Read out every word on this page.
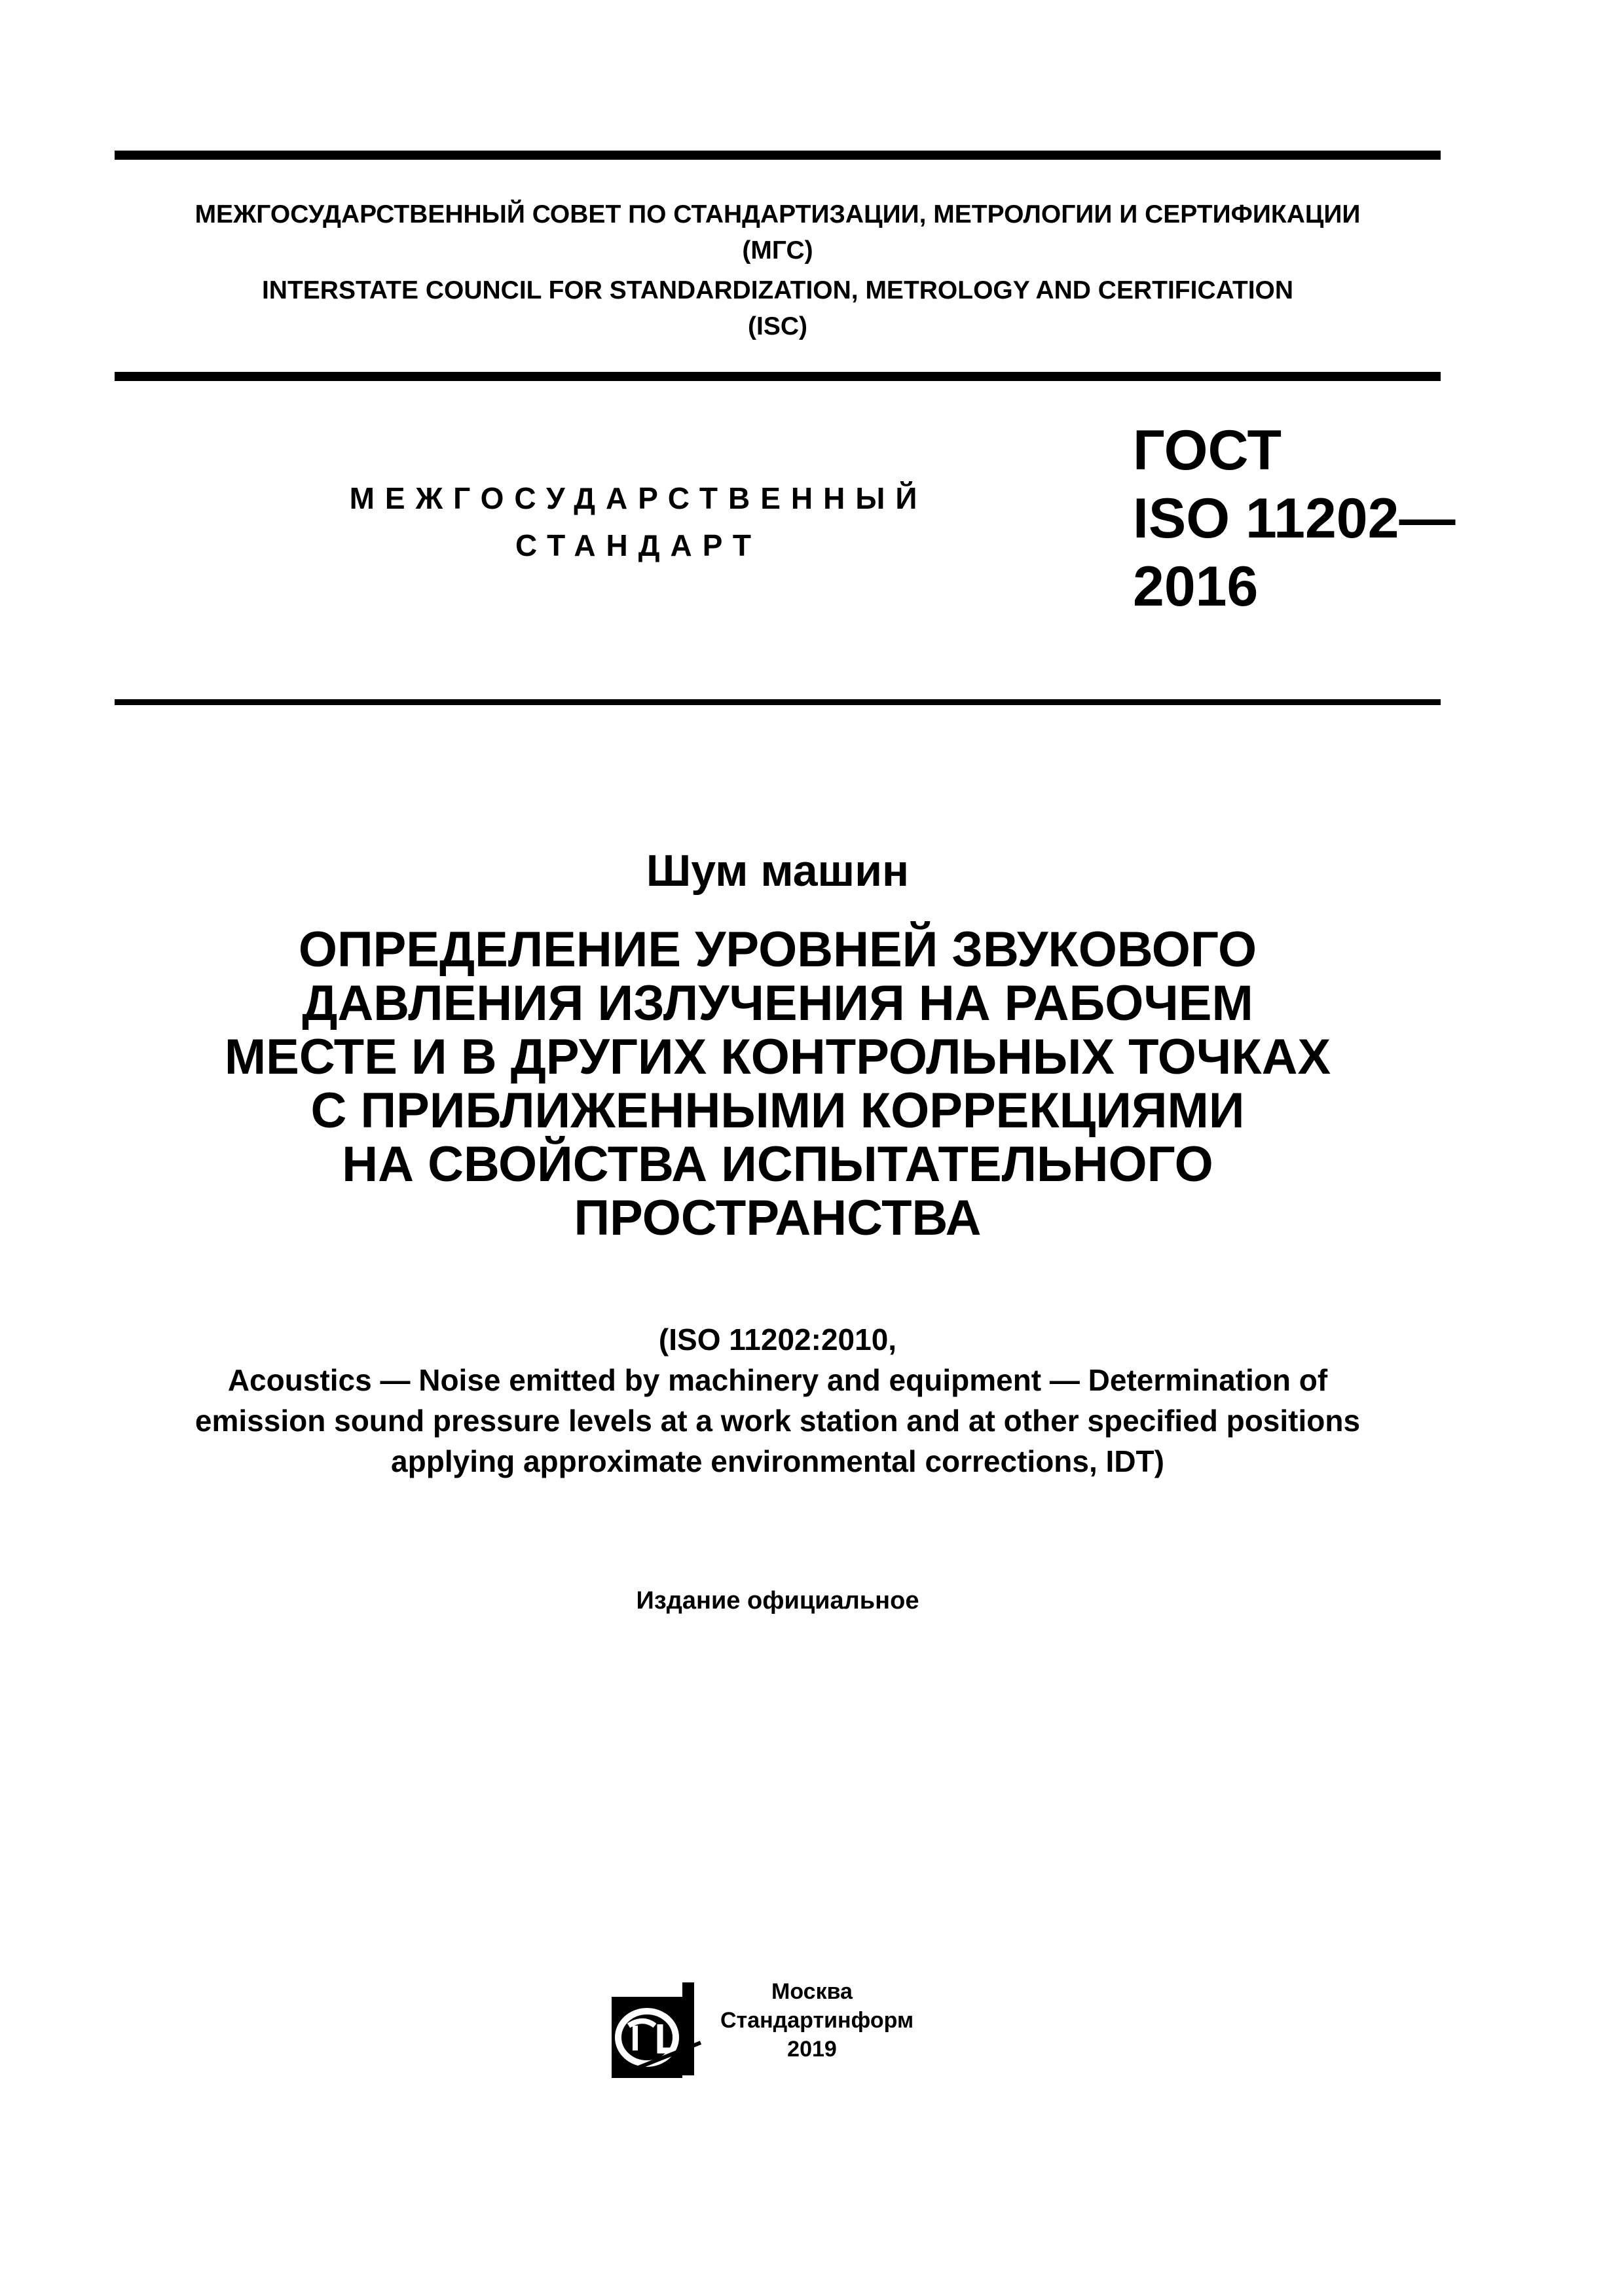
МЕЖГОСУДАРСТВЕННЫЙ СОВЕТ ПО СТАНДАРТИЗАЦИИ, МЕТРОЛОГИИ И СЕРТИФИКАЦИИ
(МГС)
INTERSTATE COUNCIL FOR STANDARDIZATION, METROLOGY AND CERTIFICATION
(ISC)
МЕЖГОСУДАРСТВЕННЫЙ
СТАНДАРТ
ГОСТ
ISO 11202—
2016
Шум машин
ОПРЕДЕЛЕНИЕ УРОВНЕЙ ЗВУКОВОГО
ДАВЛЕНИЯ ИЗЛУЧЕНИЯ НА РАБОЧЕМ
МЕСТЕ И В ДРУГИХ КОНТРОЛЬНЫХ ТОЧКАХ
С ПРИБЛИЖЕННЫМИ КОРРЕКЦИЯМИ
НА СВОЙСТВА ИСПЫТАТЕЛЬНОГО
ПРОСТРАНСТВА
(ISO 11202:2010,
Acoustics — Noise emitted by machinery and equipment — Determination of
emission sound pressure levels at a work station and at other specified positions
applying approximate environmental corrections, IDT)
Издание официальное
Москва
Стандартинформ
2019
